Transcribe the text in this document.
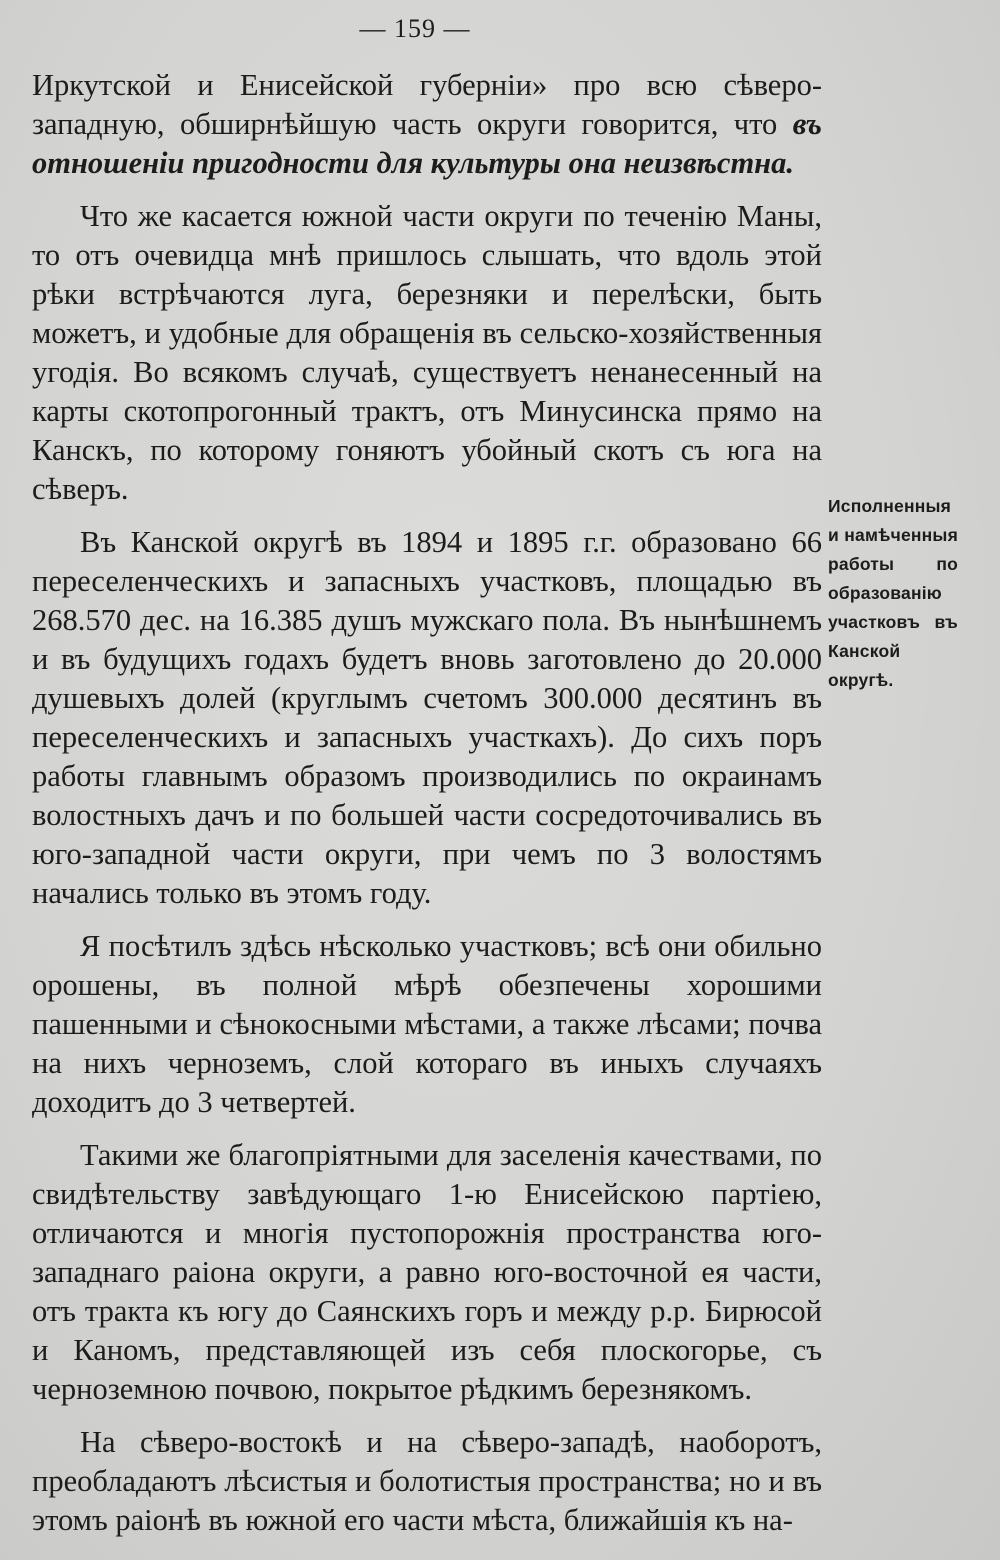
— 159 —

Иркутской и Енисейской губерніи» про всю сѣверо-западную, обширнѣйшую часть округи говорится, что въ отношеніи пригодности для культуры она неизвѣстна.

Что же касается южной части округи по теченію Маны, то отъ очевидца мнѣ пришлось слышать, что вдоль этой рѣки встрѣчаются луга, березняки и перелѣски, быть можетъ, и удобные для обращенія въ сельско-хозяйственныя угодія. Во всякомъ случаѣ, существуетъ ненанесенный на карты скотопрогонный трактъ, отъ Минусинска прямо на Канскъ, по которому гоняютъ убойный скотъ съ юга на сѣверъ.

Въ Канской округѣ въ 1894 и 1895 г.г. образовано 66 переселенческихъ и запасныхъ участковъ, площадью въ 268.570 дес. на 16.385 душъ мужскаго пола. Въ нынѣшнемъ и въ будущихъ годахъ будетъ вновь заготовлено до 20.000 душевыхъ долей (круглымъ счетомъ 300.000 десятинъ въ переселенческихъ и запасныхъ участкахъ). До сихъ поръ работы главнымъ образомъ производились по окраинамъ волостныхъ дачъ и по большей части сосредоточивались въ юго-западной части округи, при чемъ по 3 волостямъ начались только въ этомъ году.

Я посѣтилъ здѣсь нѣсколько участковъ; всѣ они обильно орошены, въ полной мѣрѣ обезпечены хорошими пашенными и сѣнокосными мѣстами, а также лѣсами; почва на нихъ черноземъ, слой котораго въ иныхъ случаяхъ доходитъ до 3 четвертей.

Такими же благопріятными для заселенія качествами, по свидѣтельству завѣдующаго 1-ю Енисейскою партіею, отличаются и многія пустопорожнія пространства юго-западнаго раіона округи, а равно юго-восточной ея части, отъ тракта къ югу до Саянскихъ горъ и между р.р. Бирюсой и Каномъ, представляющей изъ себя плоскогорье, съ черноземною почвою, покрытое рѣдкимъ березнякомъ.

На сѣверо-востокѣ и на сѣверо-западѣ, наоборотъ, преобладаютъ лѣсистыя и болотистыя пространства; но и въ этомъ раіонѣ въ южной его части мѣста, ближайшія къ на-

Исполненныя и намѣченныя работы по образованію участковъ въ Канской округѣ.
